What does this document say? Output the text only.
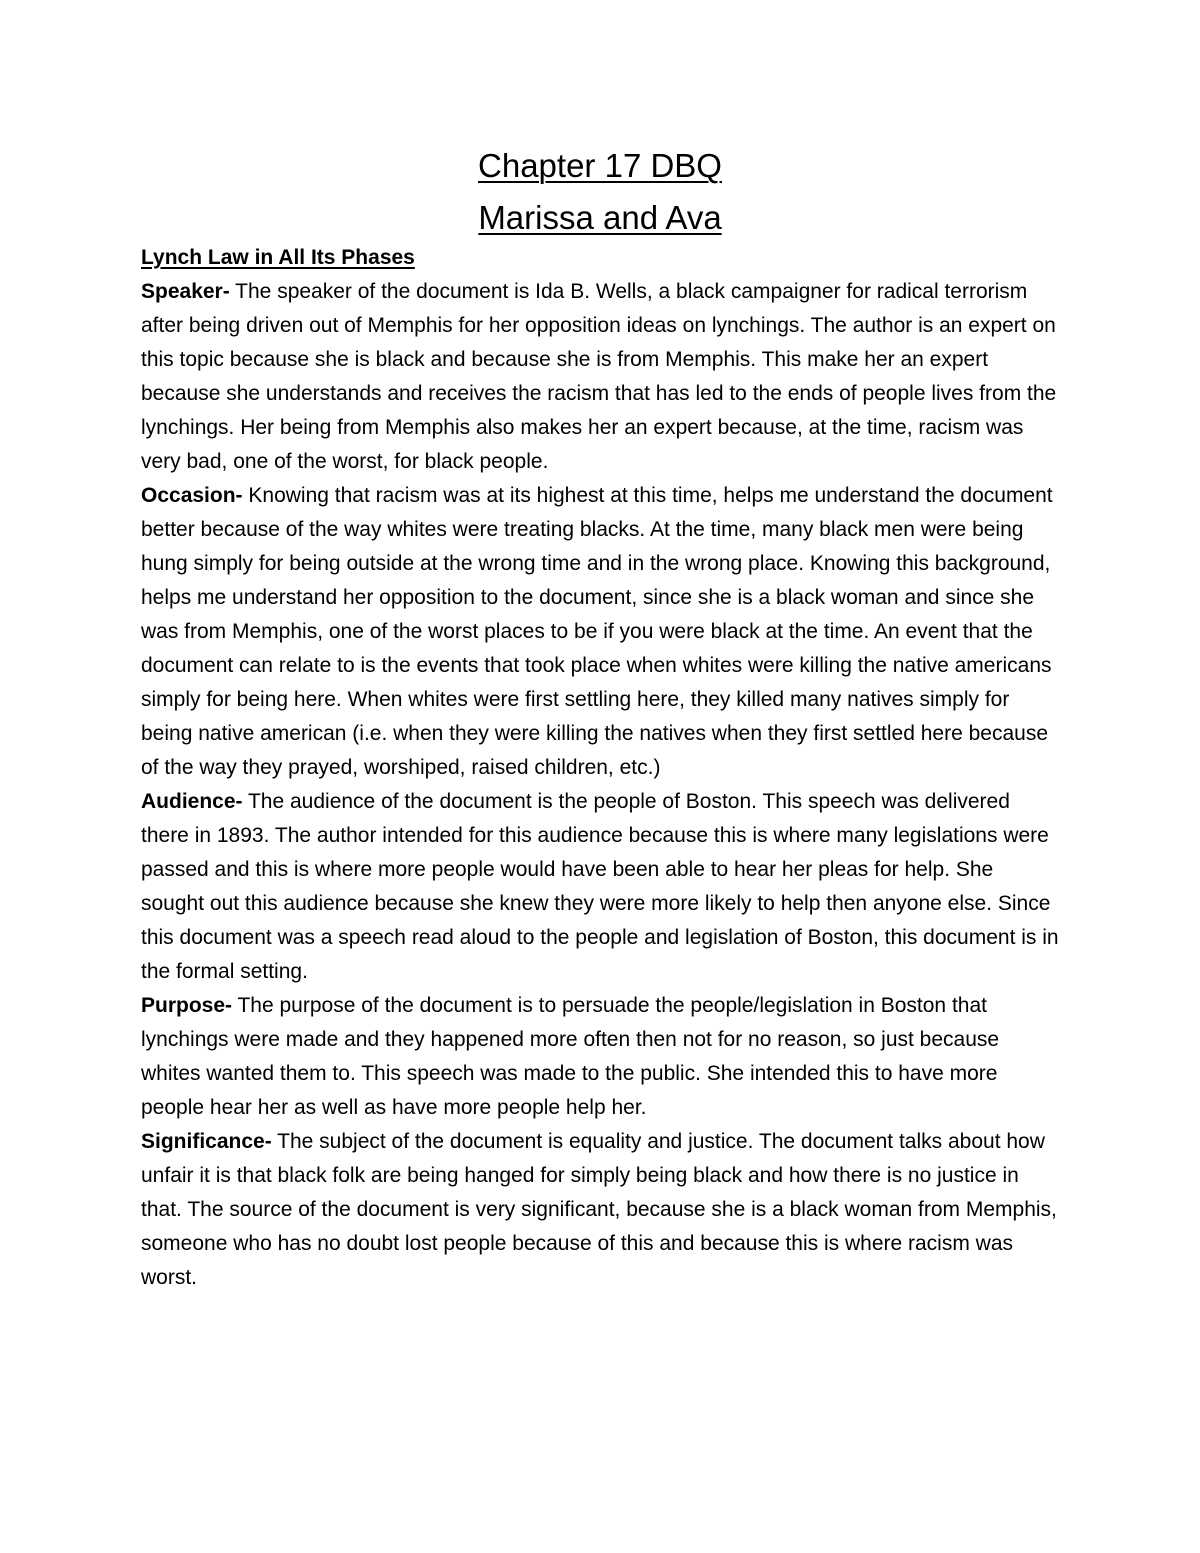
Chapter 17 DBQ
Marissa and Ava

Lynch Law in All Its Phases

Speaker- The speaker of the document is Ida B. Wells, a black campaigner for radical terrorism after being driven out of Memphis for her opposition ideas on lynchings. The author is an expert on this topic because she is black and because she is from Memphis. This make her an expert because she understands and receives the racism that has led to the ends of people lives from the lynchings. Her being from Memphis also makes her an expert because, at the time, racism was very bad, one of the worst, for black people.

Occasion- Knowing that racism was at its highest at this time, helps me understand the document better because of the way whites were treating blacks. At the time, many black men were being hung simply for being outside at the wrong time and in the wrong place. Knowing this background, helps me understand her opposition to the document, since she is a black woman and since she was from Memphis, one of the worst places to be if you were black at the time. An event that the document can relate to is the events that took place when whites were killing the native americans simply for being here. When whites were first settling here, they killed many natives simply for being native american (i.e. when they were killing the natives when they first settled here because of the way they prayed, worshiped, raised children, etc.)

Audience- The audience of the document is the people of Boston. This speech was delivered there in 1893. The author intended for this audience because this is where many legislations were passed and this is where more people would have been able to hear her pleas for help. She sought out this audience because she knew they were more likely to help then anyone else. Since this document was a speech read aloud to the people and legislation of Boston, this document is in the formal setting.

Purpose- The purpose of the document is to persuade the people/legislation in Boston that lynchings were made and they happened more often then not for no reason, so just because whites wanted them to. This speech was made to the public. She intended this to have more people hear her as well as have more people help her.

Significance- The subject of the document is equality and justice. The document talks about how unfair it is that black folk are being hanged for simply being black and how there is no justice in that. The source of the document is very significant, because she is a black woman from Memphis, someone who has no doubt lost people because of this and because this is where racism was worst.
